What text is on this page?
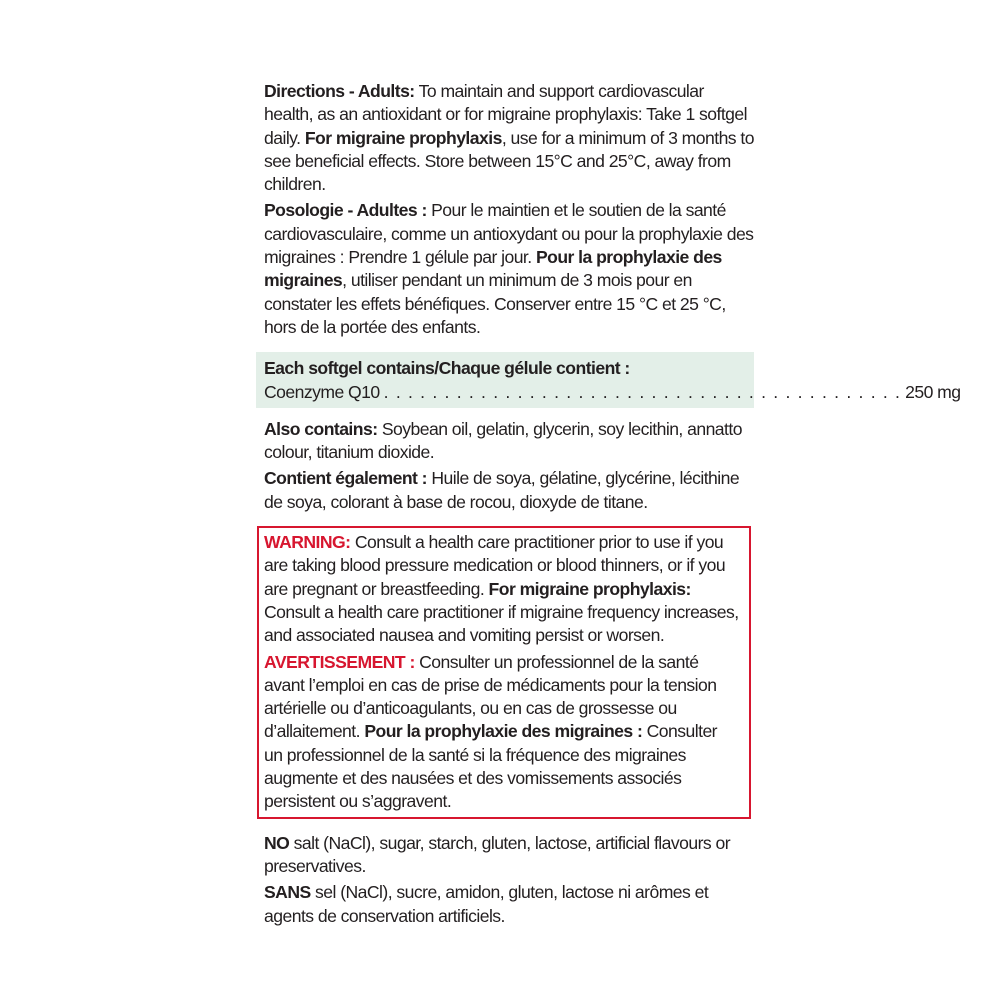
Directions - Adults: To maintain and support cardiovascular health, as an antioxidant or for migraine prophylaxis: Take 1 softgel daily. For migraine prophylaxis, use for a minimum of 3 months to see beneficial effects. Store between 15°C and 25°C, away from children.

Posologie - Adultes : Pour le maintien et le soutien de la santé cardiovasculaire, comme un antioxydant ou pour la prophylaxie des migraines : Prendre 1 gélule par jour. Pour la prophylaxie des migraines, utiliser pendant un minimum de 3 mois pour en constater les effets bénéfiques. Conserver entre 15 °C et 25 °C, hors de la portée des enfants.

Each softgel contains/Chaque gélule contient :

Coenzyme Q10 . . . . . . . . . . . . . . . . . . . . . . . . . . . . . . . . . . . . . . . . . . . 250 mg

Also contains: Soybean oil, gelatin, glycerin, soy lecithin, annatto colour, titanium dioxide.

Contient également : Huile de soya, gélatine, glycérine, lécithine de soya, colorant à base de rocou, dioxyde de titane.

WARNING: Consult a health care practitioner prior to use if you are taking blood pressure medication or blood thinners, or if you are pregnant or breastfeeding. For migraine prophylaxis: Consult a health care practitioner if migraine frequency increases, and associated nausea and vomiting persist or worsen.

AVERTISSEMENT : Consulter un professionnel de la santé avant l’emploi en cas de prise de médicaments pour la tension artérielle ou d’anticoagulants, ou en cas de grossesse ou d’allaitement. Pour la prophylaxie des migraines : Consulter un professionnel de la santé si la fréquence des migraines augmente et des nausées et des vomissements associés persistent ou s’aggravent.

NO salt (NaCl), sugar, starch, gluten, lactose, artificial flavours or preservatives.

SANS sel (NaCl), sucre, amidon, gluten, lactose ni arômes et agents de conservation artificiels.
